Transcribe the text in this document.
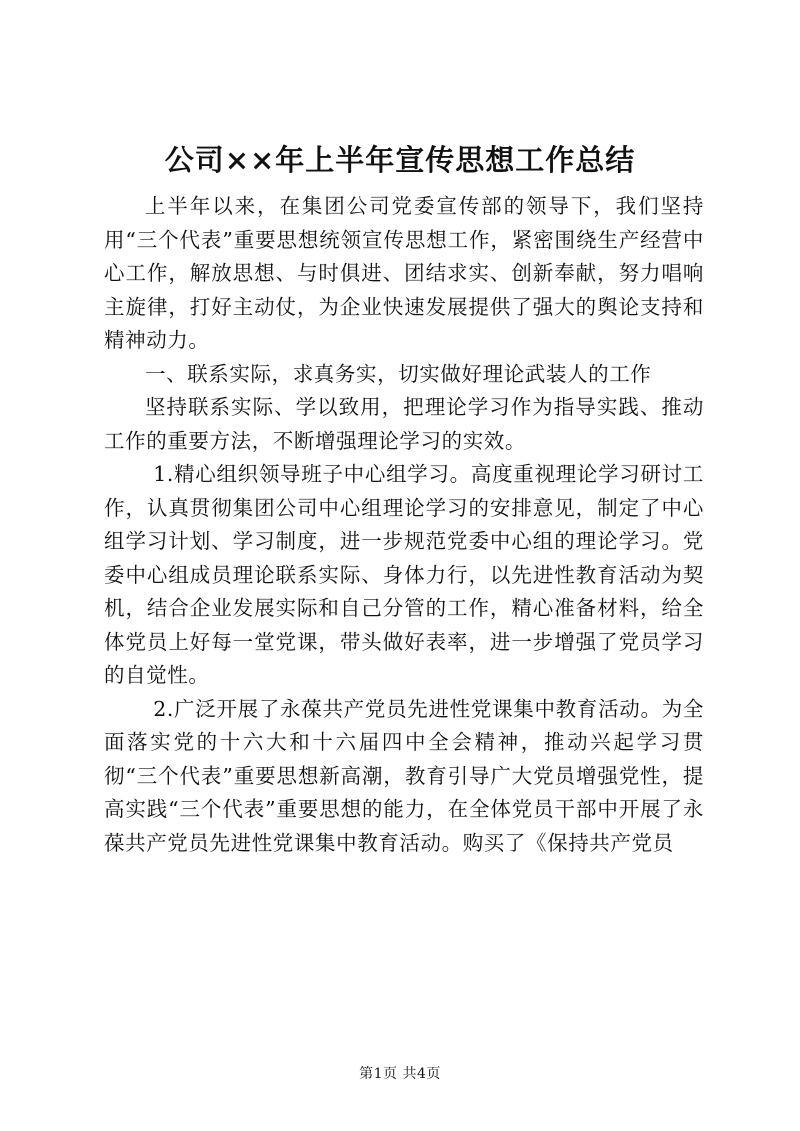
公司××年上半年宣传思想工作总结

上半年以来，在集团公司党委宣传部的领导下，我们坚持用“三个代表”重要思想统领宣传思想工作，紧密围绕生产经营中心工作，解放思想、与时俱进、团结求实、创新奉献，努力唱响主旋律，打好主动仗，为企业快速发展提供了强大的舆论支持和精神动力。

一、联系实际，求真务实，切实做好理论武装人的工作

坚持联系实际、学以致用，把理论学习作为指导实践、推动工作的重要方法，不断增强理论学习的实效。

1.精心组织领导班子中心组学习。高度重视理论学习研讨工作，认真贯彻集团公司中心组理论学习的安排意见，制定了中心组学习计划、学习制度，进一步规范党委中心组的理论学习。党委中心组成员理论联系实际、身体力行，以先进性教育活动为契机，结合企业发展实际和自己分管的工作，精心准备材料，给全体党员上好每一堂党课，带头做好表率，进一步增强了党员学习的自觉性。

2.广泛开展了永葆共产党员先进性党课集中教育活动。为全面落实党的十六大和十六届四中全会精神，推动兴起学习贯彻“三个代表”重要思想新高潮，教育引导广大党员增强党性，提高实践“三个代表”重要思想的能力，在全体党员干部中开展了永葆共产党员先进性党课集中教育活动。购买了《保持共产党员

第1页 共4页
